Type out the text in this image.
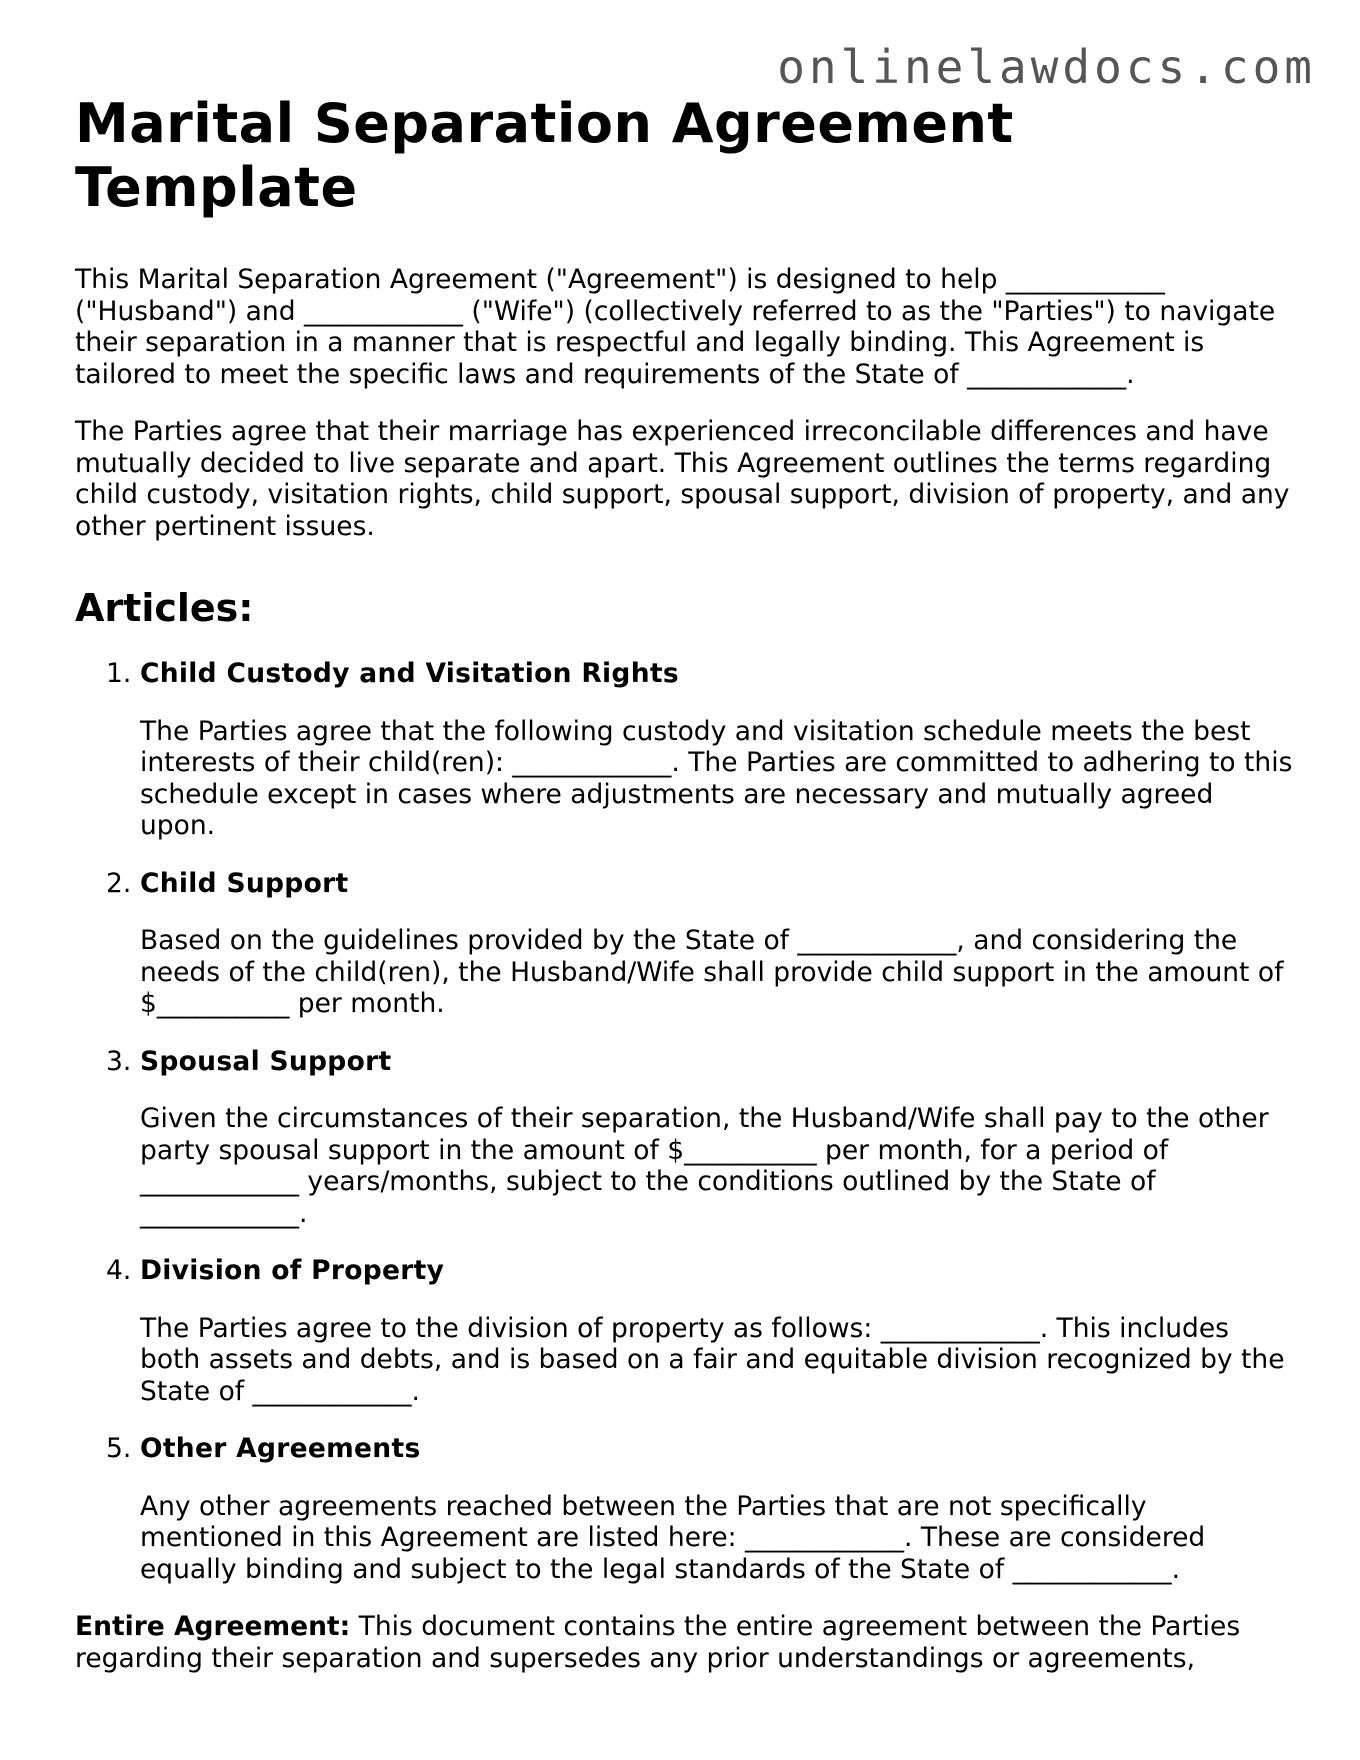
onlinelawdocs.com
Marital Separation Agreement Template

This Marital Separation Agreement ("Agreement") is designed to help ____________ ("Husband") and ____________ ("Wife") (collectively referred to as the "Parties") to navigate their separation in a manner that is respectful and legally binding. This Agreement is tailored to meet the specific laws and requirements of the State of ____________.

The Parties agree that their marriage has experienced irreconcilable differences and have mutually decided to live separate and apart. This Agreement outlines the terms regarding child custody, visitation rights, child support, spousal support, division of property, and any other pertinent issues.

Articles:
1. Child Custody and Visitation Rights

The Parties agree that the following custody and visitation schedule meets the best interests of their child(ren): ____________. The Parties are committed to adhering to this schedule except in cases where adjustments are necessary and mutually agreed upon.

2. Child Support

Based on the guidelines provided by the State of ____________, and considering the needs of the child(ren), the Husband/Wife shall provide child support in the amount of $__________ per month.

3. Spousal Support

Given the circumstances of their separation, the Husband/Wife shall pay to the other party spousal support in the amount of $__________ per month, for a period of ____________ years/months, subject to the conditions outlined by the State of ____________.

4. Division of Property

The Parties agree to the division of property as follows: ____________. This includes both assets and debts, and is based on a fair and equitable division recognized by the State of ____________.

5. Other Agreements

Any other agreements reached between the Parties that are not specifically mentioned in this Agreement are listed here: ____________. These are considered equally binding and subject to the legal standards of the State of ____________.

Entire Agreement: This document contains the entire agreement between the Parties regarding their separation and supersedes any prior understandings or agreements,
